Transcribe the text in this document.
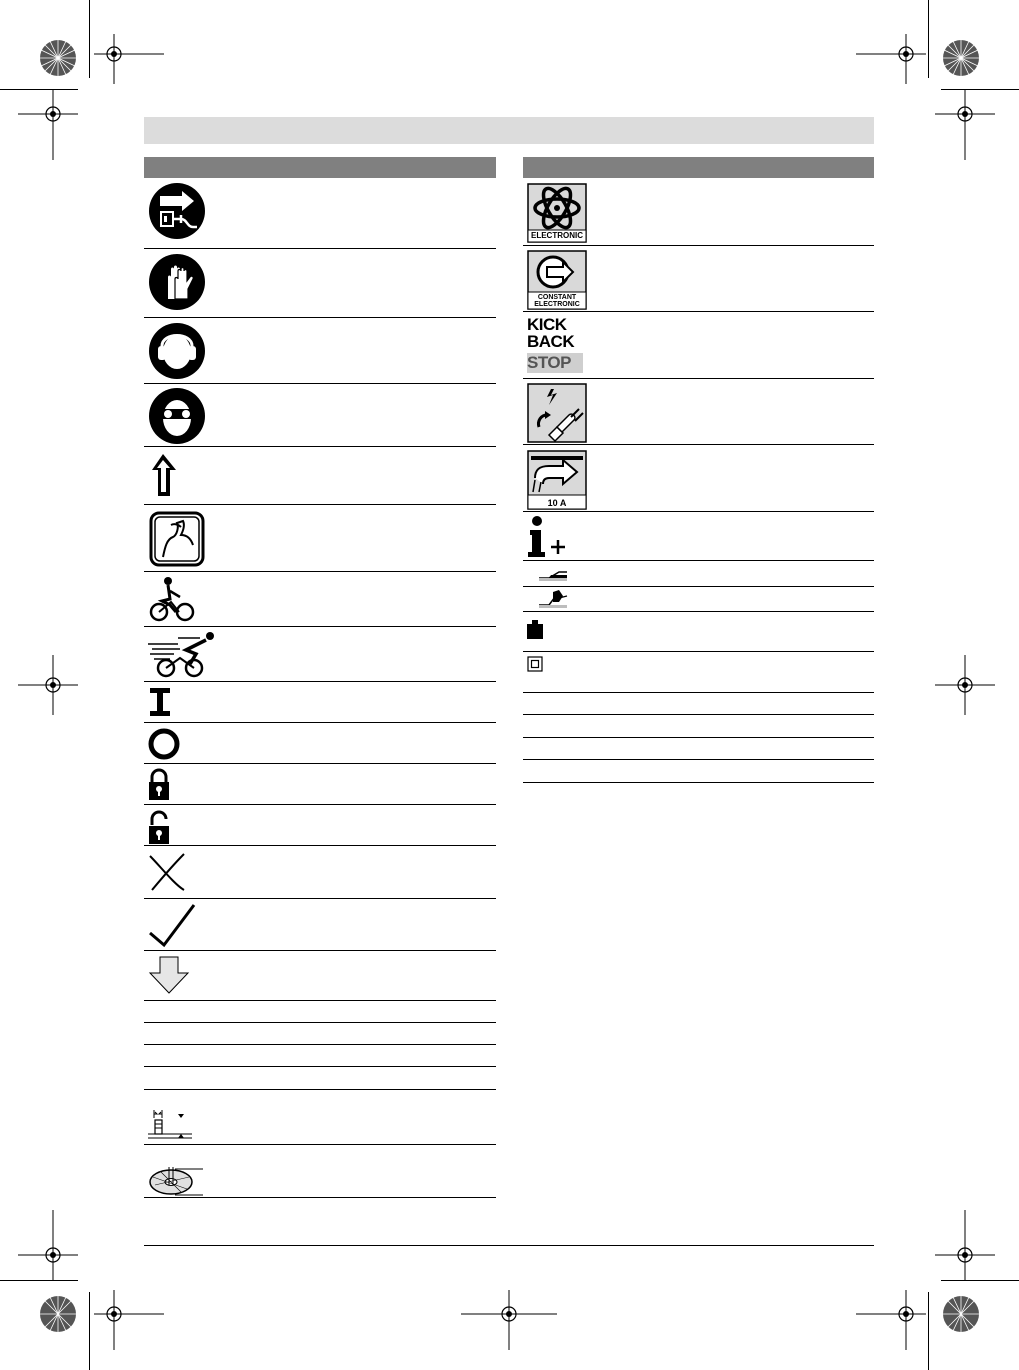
ELECTRONIC
CONSTANT
ELECTRONIC
KICK
BACK
STOP
10 A
